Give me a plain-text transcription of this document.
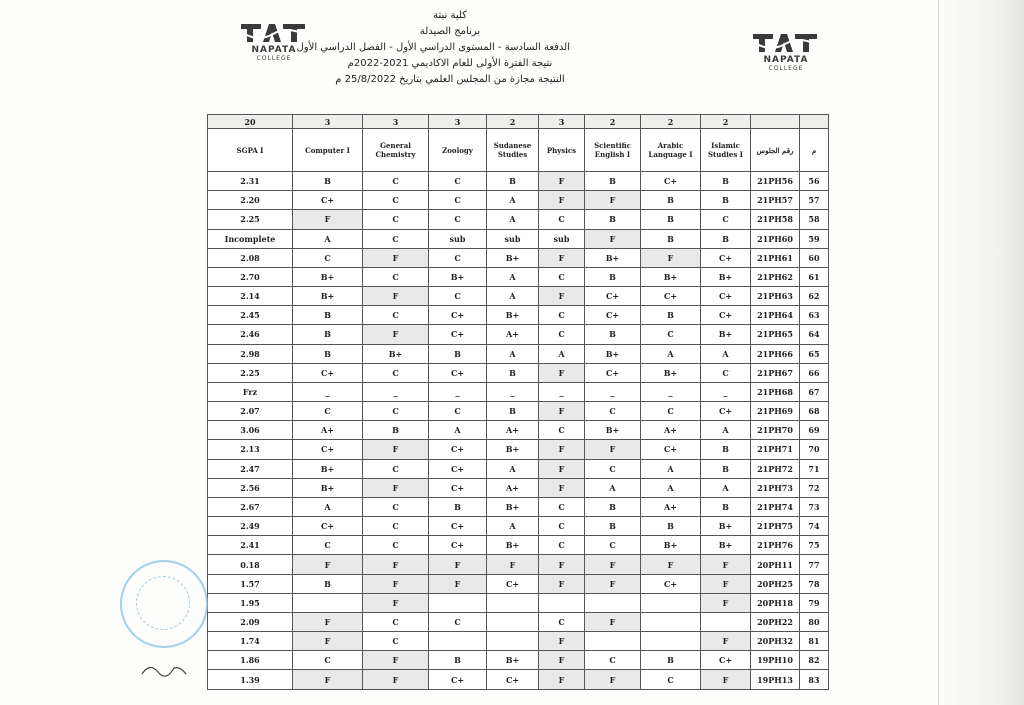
NAPATA
COLLEGE	NAPATA
COLLEGE
كلية نبتة
برنامج الصيدلة
الدفعة السادسة - المستوى الدراسي الأول - الفصل الدراسي الأول
نتيجة الفترة الأولى للعام الاكاديمي 2021-2022م
النتيجة مجازة من المجلس العلمي بتاريخ 25/8/2022 م
20	3	3	3	2	3	2	2	2		
SGPA I	Computer I	General Chemistry	Zoology	Sudanese Studies	Physics	Scientific English I	Arabic Language I	Islamic Studies I	رقم الجلوس	م
2.31	B	C	C	B	F	B	C+	B	21PH56	56
2.20	C+	C	C	A	F	F	B	B	21PH57	57
2.25	F	C	C	A	C	B	B	C	21PH58	58
Incomplete	A	C	sub	sub	sub	F	B	B	21PH60	59
2.08	C	F	C	B+	F	B+	F	C+	21PH61	60
2.70	B+	C	B+	A	C	B	B+	B+	21PH62	61
2.14	B+	F	C	A	F	C+	C+	C+	21PH63	62
2.45	B	C	C+	B+	C	C+	B	C+	21PH64	63
2.46	B	F	C+	A+	C	B	C	B+	21PH65	64
2.98	B	B+	B	A	A	B+	A	A	21PH66	65
2.25	C+	C	C+	B	F	C+	B+	C	21PH67	66
Frz	_	_	_	_	_	_	_	_	21PH68	67
2.07	C	C	C	B	F	C	C	C+	21PH69	68
3.06	A+	B	A	A+	C	B+	A+	A	21PH70	69
2.13	C+	F	C+	B+	F	F	C+	B	21PH71	70
2.47	B+	C	C+	A	F	C	A	B	21PH72	71
2.56	B+	F	C+	A+	F	A	A	A	21PH73	72
2.67	A	C	B	B+	C	B	A+	B	21PH74	73
2.49	C+	C	C+	A	C	B	B	B+	21PH75	74
2.41	C	C	C+	B+	C	C	B+	B+	21PH76	75
0.18	F	F	F	F	F	F	F	F	20PH11	77
1.57	B	F	F	C+	F	F	C+	F	20PH25	78
1.95		F						F	20PH18	79
2.09	F	C	C		C	F			20PH22	80
1.74	F	C			F			F	20PH32	81
1.86	C	F	B	B+	F	C	B	C+	19PH10	82
1.39	F	F	C+	C+	F	F	C	F	19PH13	83
